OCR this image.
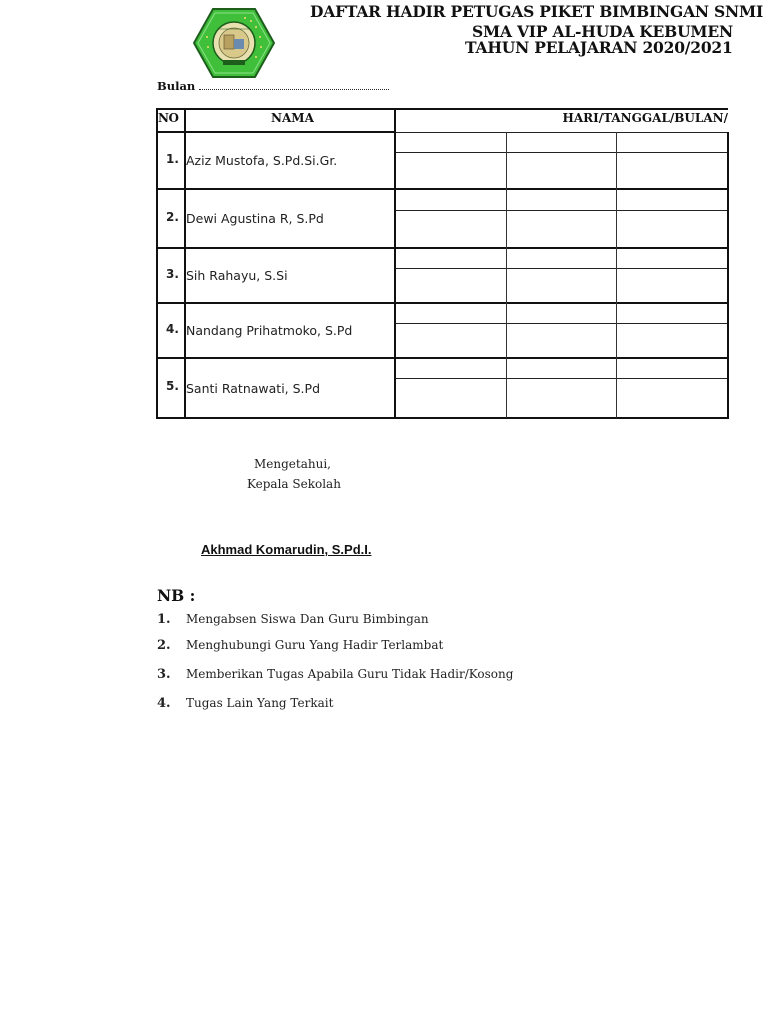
DAFTAR HADIR PETUGAS PIKET BIMBINGAN SNMI
SMA VIP AL-HUDA KEBUMEN
TAHUN PELAJARAN 2020/2021
Bulan
NO	NAMA	HARI/TANGGAL/BULAN/
1. Aziz Mustofa, S.Pd.Si.Gr.
2. Dewi Agustina R, S.Pd
3. Sih Rahayu, S.Si
4. Nandang Prihatmoko, S.Pd
5. Santi Ratnawati, S.Pd
Mengetahui,
Kepala Sekolah
Akhmad Komarudin, S.Pd.I.
NB :
1. Mengabsen Siswa Dan Guru Bimbingan
2. Menghubungi Guru Yang Hadir Terlambat
3. Memberikan Tugas Apabila Guru Tidak Hadir/Kosong
4. Tugas Lain Yang Terkait
